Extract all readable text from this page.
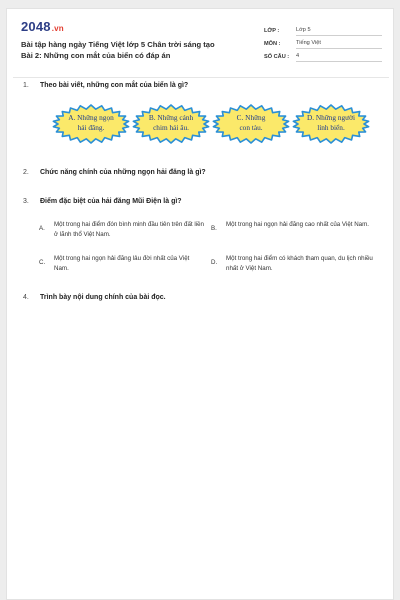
2048.vn
Bài tập hàng ngày Tiếng Việt lớp 5 Chân trời sáng tạo Bài 2: Những con mắt của biển có đáp án
LỚP :	Lớp 5
MÔN :	Tiếng Việt
SỐ CÂU :	4
1. Theo bài viết, những con mắt của biển là gì?
A. Những ngọn
hải đăng.
B. Những cánh
chim hải âu.
C. Những
con tàu.
D. Những người
lính biển.
2. Chức năng chính của những ngọn hải đăng là gì?
3. Điểm đặc biệt của hải đăng Mũi Điện là gì?
A.
Một trong hai điểm đón bình minh đầu tiên trên đất liền ở lãnh thổ Việt Nam.
B.
Một trong hai ngọn hải đăng cao nhất của Việt Nam.
C.
Một trong hai ngọn hải đăng lâu đời nhất của Việt Nam.
D.
Một trong hai điểm có khách tham quan, du lịch nhiều nhất ở Việt Nam.
4. Trình bày nội dung chính của bài đọc.
